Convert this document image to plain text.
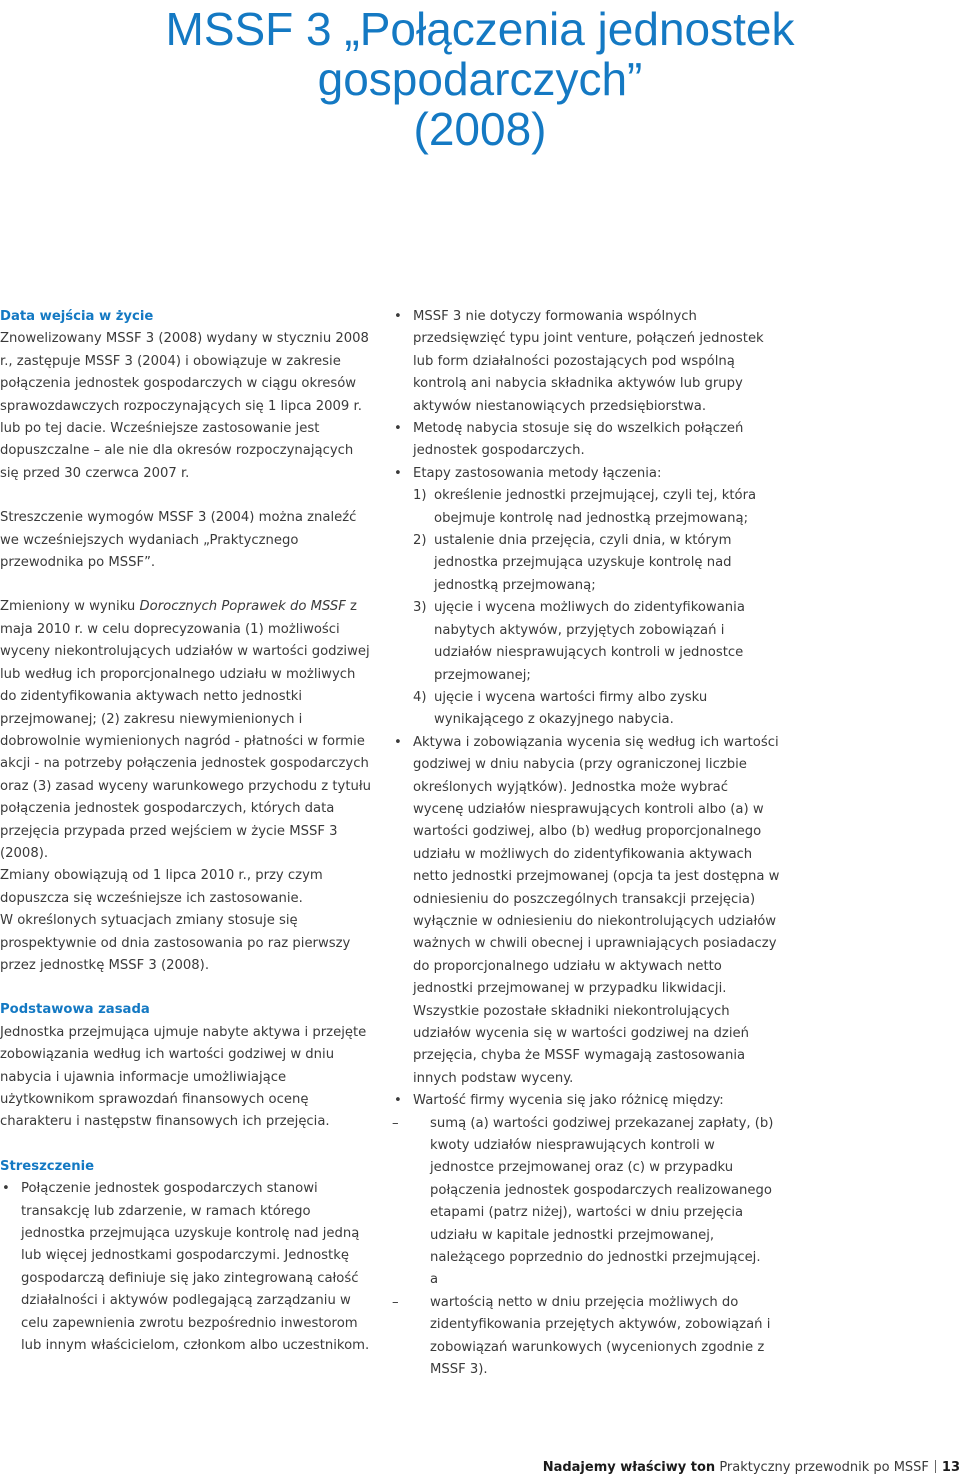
MSSF 3 „Połączenia jednostek gospodarczych”
(2008)
Data wejścia w życie

Znowelizowany MSSF 3 (2008) wydany w styczniu 2008 r., zastępuje MSSF 3 (2004) i obowiązuje w zakresie połączenia jednostek gospodarczych w ciągu okresów sprawozdawczych rozpoczynających się 1 lipca 2009 r. lub po tej dacie. Wcześniejsze zastosowanie jest dopuszczalne – ale nie dla okresów rozpoczynających się przed 30 czerwca 2007 r.

Streszczenie wymogów MSSF 3 (2004) można znaleźć we wcześniejszych wydaniach „Praktycznego przewodnika po MSSF”.

Zmieniony w wyniku Dorocznych Poprawek do MSSF z maja 2010 r. w celu doprecyzowania (1) możliwości wyceny niekontrolujących udziałów w wartości godziwej lub według ich proporcjonalnego udziału w możliwych do zidentyfikowania aktywach netto jednostki przejmowanej; (2) zakresu niewymienionych i dobrowolnie wymienionych nagród - płatności w formie akcji - na potrzeby połączenia jednostek gospodarczych oraz (3) zasad wyceny warunkowego przychodu z tytułu połączenia jednostek gospodarczych, których data przejęcia przypada przed wejściem w życie MSSF 3 (2008).

Zmiany obowiązują od 1 lipca 2010 r., przy czym dopuszcza się wcześniejsze ich zastosowanie.

W określonych sytuacjach zmiany stosuje się prospektywnie od dnia zastosowania po raz pierwszy przez jednostkę MSSF 3 (2008).

Podstawowa zasada

Jednostka przejmująca ujmuje nabyte aktywa i przejęte zobowiązania według ich wartości godziwej w dniu nabycia i ujawnia informacje umożliwiające użytkownikom sprawozdań finansowych ocenę charakteru i następstw finansowych ich przejęcia.

Streszczenie
• Połączenie jednostek gospodarczych stanowi transakcję lub zdarzenie, w ramach którego jednostka przejmująca uzyskuje kontrolę nad jedną lub więcej jednostkami gospodarczymi. Jednostkę gospodarczą definiuje się jako zintegrowaną całość działalności i aktywów podlegającą zarządzaniu w celu zapewnienia zwrotu bezpośrednio inwestorom lub innym właścicielom, członkom albo uczestnikom.
• MSSF 3 nie dotyczy formowania wspólnych przedsięwzięć typu joint venture, połączeń jednostek lub form działalności pozostających pod wspólną kontrolą ani nabycia składnika aktywów lub grupy aktywów niestanowiących przedsiębiorstwa.
• Metodę nabycia stosuje się do wszelkich połączeń jednostek gospodarczych.
• Etapy zastosowania metody łączenia:
1) określenie jednostki przejmującej, czyli tej, która obejmuje kontrolę nad jednostką przejmowaną;
2) ustalenie dnia przejęcia, czyli dnia, w którym jednostka przejmująca uzyskuje kontrolę nad jednostką przejmowaną;
3) ujęcie i wycena możliwych do zidentyfikowania nabytych aktywów, przyjętych zobowiązań i udziałów niesprawujących kontroli w jednostce przejmowanej;
4) ujęcie i wycena wartości firmy albo zysku wynikającego z okazyjnego nabycia.
• Aktywa i zobowiązania wycenia się według ich wartości godziwej w dniu nabycia (przy ograniczonej liczbie określonych wyjątków). Jednostka może wybrać wycenę udziałów niesprawujących kontroli albo (a) w wartości godziwej, albo (b) według proporcjonalnego udziału w możliwych do zidentyfikowania aktywach netto jednostki przejmowanej (opcja ta jest dostępna w odniesieniu do poszczególnych transakcji przejęcia) wyłącznie w odniesieniu do niekontrolujących udziałów ważnych w chwili obecnej i uprawniających posiadaczy do proporcjonalnego udziału w aktywach netto jednostki przejmowanej w przypadku likwidacji. Wszystkie pozostałe składniki niekontrolujących udziałów wycenia się w wartości godziwej na dzień przejęcia, chyba że MSSF wymagają zastosowania innych podstaw wyceny.
• Wartość firmy wycenia się jako różnicę między:
– sumą (a) wartości godziwej przekazanej zapłaty, (b) kwoty udziałów niesprawujących kontroli w jednostce przejmowanej oraz (c) w przypadku połączenia jednostek gospodarczych realizowanego etapami (patrz niżej), wartości w dniu przejęcia udziału w kapitale jednostki przejmowanej, należącego poprzednio do jednostki przejmującej.
a
– wartością netto w dniu przejęcia możliwych do zidentyfikowania przejętych aktywów, zobowiązań i zobowiązań warunkowych (wycenionych zgodnie z MSSF 3).
Nadajemy właściwy ton Praktyczny przewodnik po MSSF 13
